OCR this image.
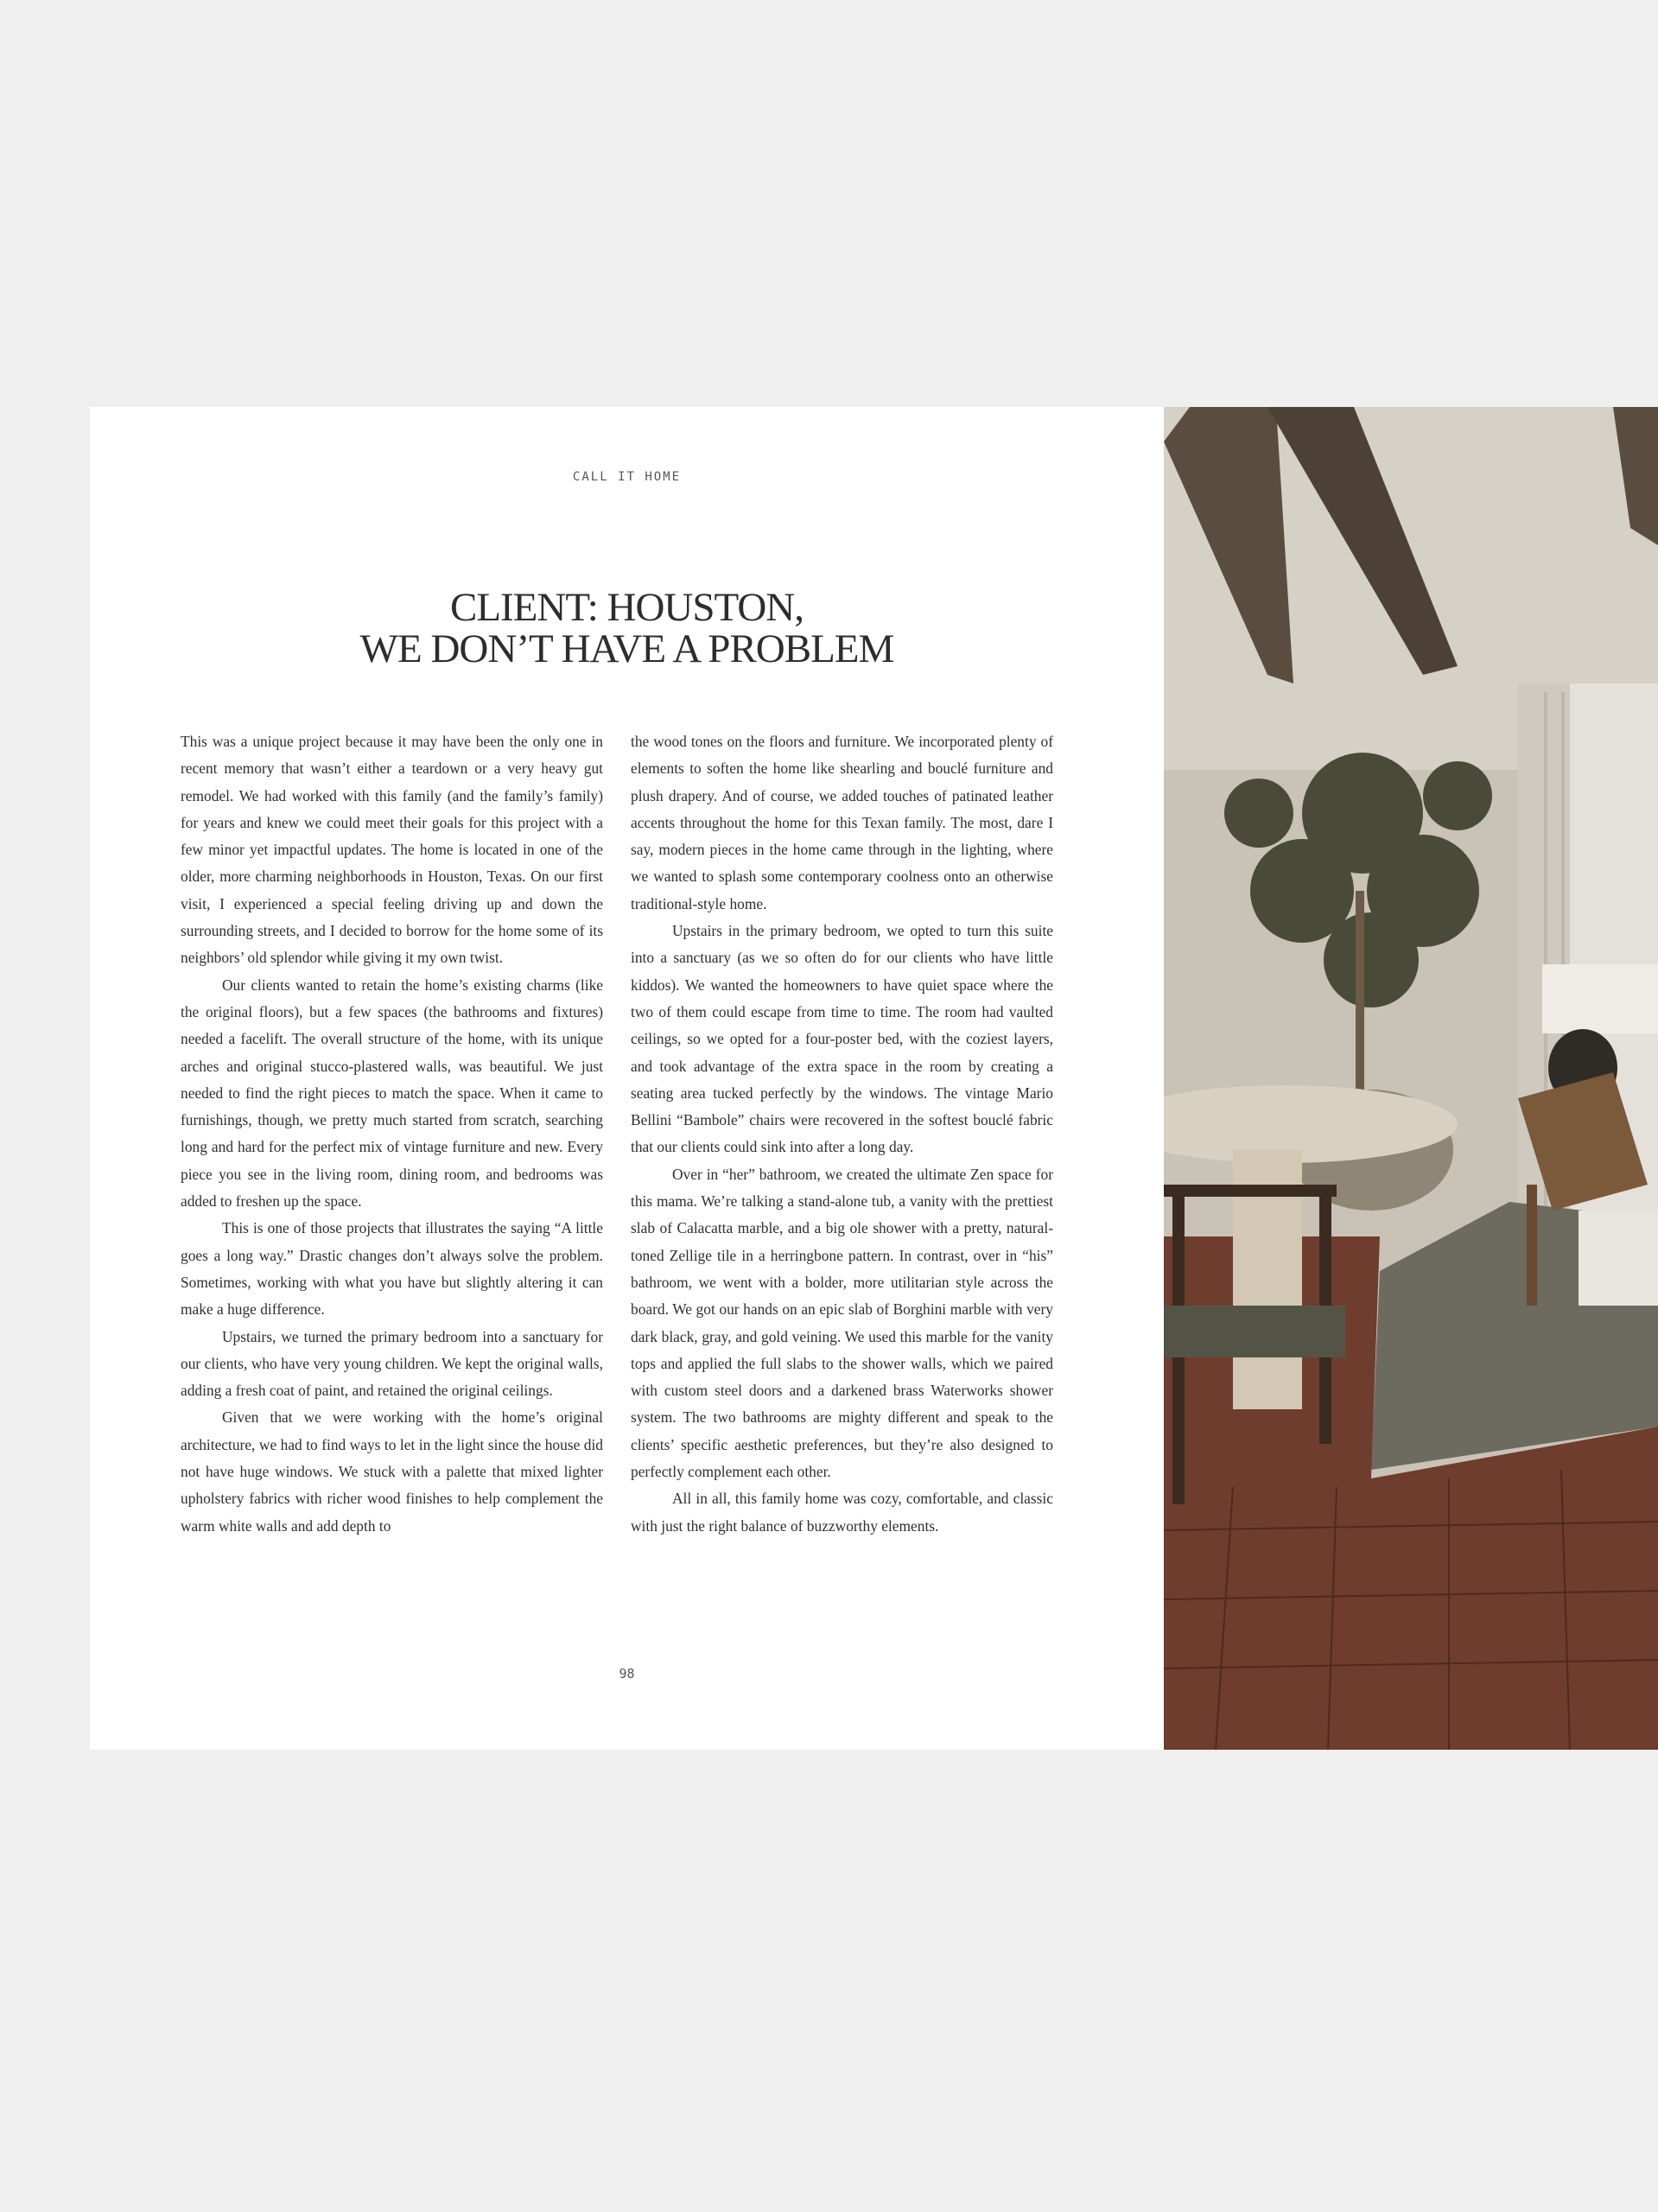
CALL IT HOME
CLIENT: HOUSTON,
WE DON’T HAVE A PROBLEM

This was a unique project because it may have been the only one in recent memory that wasn’t either a teardown or a very heavy gut remodel. We had worked with this family (and the family’s family) for years and knew we could meet their goals for this project with a few minor yet impactful updates. The home is located in one of the older, more charming neighborhoods in Houston, Texas. On our first visit, I experienced a special feeling driving up and down the surrounding streets, and I decided to borrow for the home some of its neighbors’ old splendor while giving it my own twist.

Our clients wanted to retain the home’s existing charms (like the original floors), but a few spaces (the bathrooms and fixtures) needed a facelift. The overall structure of the home, with its unique arches and original stucco-plastered walls, was beautiful. We just needed to find the right pieces to match the space. When it came to furnishings, though, we pretty much started from scratch, searching long and hard for the perfect mix of vintage furniture and new. Every piece you see in the living room, dining room, and bedrooms was added to freshen up the space.

This is one of those projects that illustrates the saying “A little goes a long way.” Drastic changes don’t always solve the problem. Sometimes, working with what you have but slightly altering it can make a huge difference.

Upstairs, we turned the primary bedroom into a sanctuary for our clients, who have very young children. We kept the original walls, adding a fresh coat of paint, and retained the original ceilings.

Given that we were working with the home’s original architecture, we had to find ways to let in the light since the house did not have huge windows. We stuck with a palette that mixed lighter upholstery fabrics with richer wood finishes to help complement the warm white walls and add depth to

the wood tones on the floors and furniture. We incorporated plenty of elements to soften the home like shearling and bouclé furniture and plush drapery. And of course, we added touches of patinated leather accents throughout the home for this Texan family. The most, dare I say, modern pieces in the home came through in the lighting, where we wanted to splash some contemporary coolness onto an otherwise traditional-style home.

Upstairs in the primary bedroom, we opted to turn this suite into a sanctuary (as we so often do for our clients who have little kiddos). We wanted the homeowners to have quiet space where the two of them could escape from time to time. The room had vaulted ceilings, so we opted for a four-poster bed, with the coziest layers, and took advantage of the extra space in the room by creating a seating area tucked perfectly by the windows. The vintage Mario Bellini “Bambole” chairs were recovered in the softest bouclé fabric that our clients could sink into after a long day.

Over in “her” bathroom, we created the ultimate Zen space for this mama. We’re talking a stand-alone tub, a vanity with the prettiest slab of Calacatta marble, and a big ole shower with a pretty, natural-toned Zellige tile in a herringbone pattern. In contrast, over in “his” bathroom, we went with a bolder, more utilitarian style across the board. We got our hands on an epic slab of Borghini marble with very dark black, gray, and gold veining. We used this marble for the vanity tops and applied the full slabs to the shower walls, which we paired with custom steel doors and a darkened brass Waterworks shower system. The two bathrooms are mighty different and speak to the clients’ specific aesthetic preferences, but they’re also designed to perfectly complement each other.

All in all, this family home was cozy, comfortable, and classic with just the right balance of buzzworthy elements.

98
